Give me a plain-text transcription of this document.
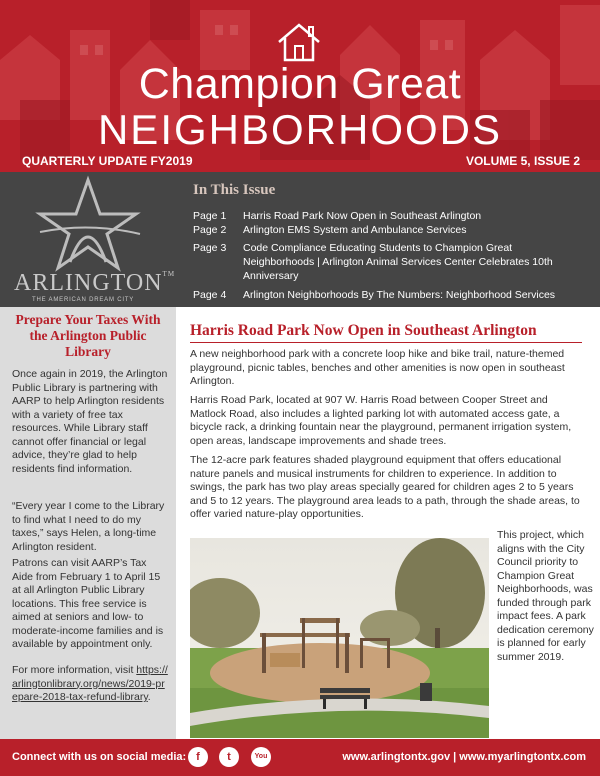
Champion Great
NEIGHBORHOODS
QUARTERLY UPDATE FY2019	VOLUME 5, ISSUE 2
ARLINGTON™
THE AMERICAN DREAM CITY
In This Issue
Page 1	Harris Road Park Now Open in Southeast Arlington
Page 2	Arlington EMS System and Ambulance Services
Page 3	Code Compliance Educating Students to Champion Great Neighborhoods | Arlington Animal Services Center Celebrates 10th Anniversary
Page 4	Arlington Neighborhoods By The Numbers: Neighborhood Services
Prepare Your Taxes With the Arlington Public Library
Once again in 2019, the Arlington Public Library is partnering with AARP to help Arlington residents with a variety of free tax resources. While Library staff cannot offer financial or legal advice, they’re glad to help residents find information.
“Every year I come to the Library to find what I need to do my taxes,” says Helen, a long-time Arlington resident.
Patrons can visit AARP’s Tax Aide from February 1 to April 15 at all Arlington Public Library locations. This free service is aimed at seniors and low- to moderate-income families and is available by appointment only.
For more information, visit https://arlingtonlibrary.org/news/2019-prepare-2018-tax-refund-library.
Harris Road Park Now Open in Southeast Arlington
A new neighborhood park with a concrete loop hike and bike trail, nature-themed playground, picnic tables, benches and other amenities is now open in southeast Arlington.
Harris Road Park, located at 907 W. Harris Road between Cooper Street and Matlock Road, also includes a lighted parking lot with automated access gate, a bicycle rack, a drinking fountain near the playground, permanent irrigation system, open areas, landscape improvements and shade trees.
The 12-acre park features shaded playground equipment that offers educational nature panels and musical instruments for children to experience. In addition to swings, the park has two play areas specially geared for children ages 2 to 5 years and 5 to 12 years. The playground area leads to a path, through the shade areas, to offer varied nature-play opportunities.
This project, which aligns with the City Council priority to Champion Great Neighborhoods, was funded through park impact fees. A park dedication ceremony is planned for early summer 2019.
Connect with us on social media: f	t	You	www.arlingtontx.gov | www.myarlingtontx.com
